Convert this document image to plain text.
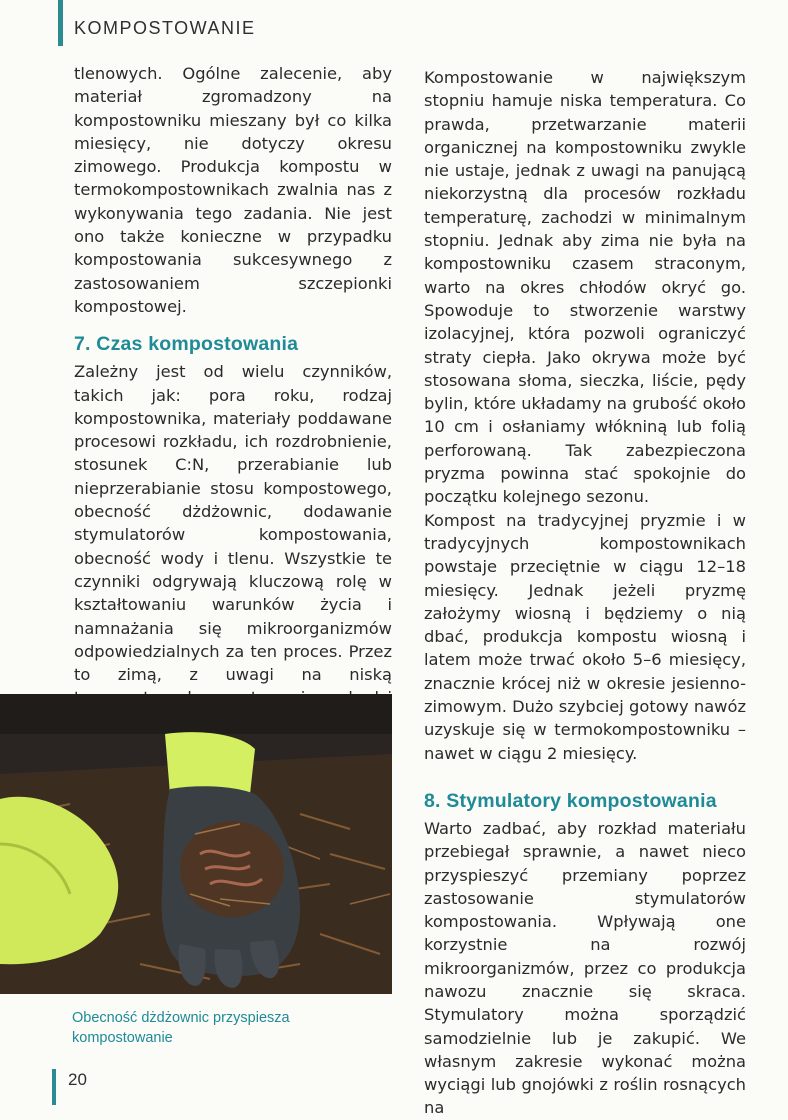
KOMPOSTOWANIE

tlenowych. Ogólne zalecenie, aby materiał zgromadzony na kompostowniku mieszany był co kilka miesięcy, nie dotyczy okresu zimowego. Produkcja kompostu w termokompostownikach zwalnia nas z wykonywania tego zadania. Nie jest ono także konieczne w przypadku kompostowania sukcesywnego z zastosowaniem szczepionki kompostowej.

7. Czas kompostowania

Zależny jest od wielu czynników, takich jak: pora roku, rodzaj kompostownika, materiały poddawane procesowi rozkładu, ich rozdrobnienie, stosunek C:N, przerabianie lub nieprzerabianie stosu kompostowego, obecność dżdżownic, dodawanie stymulatorów kompostowania, obecność wody i tlenu. Wszystkie te czynniki odgrywają kluczową rolę w kształtowaniu warunków życia i namnażania się mikroorganizmów odpowiedzialnych za ten proces. Przez to zimą, z uwagi na niską

Obecność dżdżownic przyspiesza kompostowanie

Kompostowanie w największym stopniu hamuje niska temperatura. Co prawda, przetwarzanie materii organicznej na kompostowniku zwykle nie ustaje, jednak z uwagi na panującą niekorzystną dla procesów rozkładu temperaturę, zachodzi w minimalnym stopniu. Jednak aby zima nie była na kompostowniku czasem straconym, warto na okres chłodów okryć go. Spowoduje to stworzenie warstwy izolacyjnej, która pozwoli ograniczyć straty ciepła. Jako okrywa może być stosowana słoma, sieczka, liście, pędy bylin, które układamy na grubość około 10 cm i osłaniamy włókniną lub folią perforowaną. Tak zabezpieczona pryzma powinna stać spokojnie do początku kolejnego sezonu.

Kompost na tradycyjnej pryzmie i w tradycyjnych kompostownikach powstaje przeciętnie w ciągu 12–18 miesięcy. Jednak jeżeli pryzmę założymy wiosną i będziemy o nią dbać, produkcja kompostu wiosną i latem może trwać około 5–6 miesięcy, znacznie krócej niż w okresie jesienno-zimowym. Dużo szybciej gotowy nawóz uzyskuje się w termokompostowniku – nawet w ciągu 2 miesięcy.

8. Stymulatory kompostowania

Warto zadbać, aby rozkład materiału przebiegał sprawnie, a nawet nieco przyspieszyć przemiany poprzez zastosowanie stymulatorów kompostowania. Wpływają one korzystnie na rozwój mikroorganizmów, przez co produkcja nawozu znacznie się skraca. Stymulatory można sporządzić samodzielnie lub je zakupić. We własnym zakresie wykonać można wyciągi lub gnojówki z roślin rosnących na

20
